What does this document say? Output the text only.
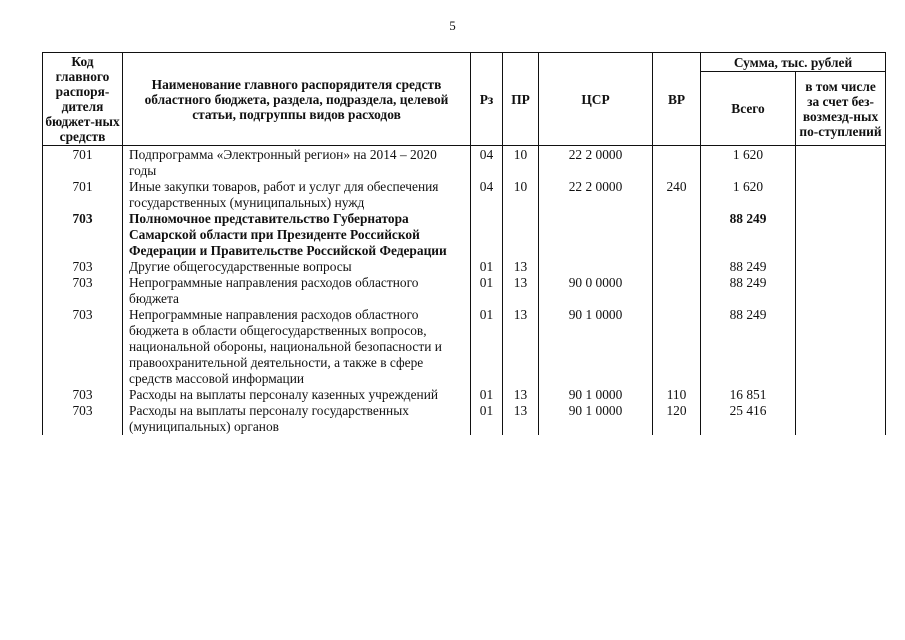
5
Код главного распоря-дителя бюджет-ных средств	Наименование главного распорядителя средств областного бюджета, раздела, подраздела, целевой статьи, подгруппы видов расходов	Рз	ПР	ЦСР	ВР	Сумма, тыс. рублей	
						Всего	в том числе за счет без-возмезд-ных по-ступлений
701	Подпрограмма «Электронный регион» на 2014 – 2020 годы	04	10	22 2 0000		1 620	
701	Иные закупки товаров, работ и услуг для обеспечения государственных (муниципальных) нужд	04	10	22 2 0000	240	1 620	
703	Полномочное представительство Губернатора Самарской области при Президенте Российской Федерации и Правительстве Российской Федерации					88 249	
703	Другие общегосударственные вопросы	01	13			88 249	
703	Непрограммные направления расходов областного бюджета	01	13	90 0 0000		88 249	
703	Непрограммные направления расходов областного бюджета в области общегосударственных вопросов, национальной обороны, национальной безопасности и правоохранительной деятельности, а также в сфере средств массовой информации	01	13	90 1 0000		88 249	
703	Расходы на выплаты персоналу казенных учреждений	01	13	90 1 0000	110	16 851	
703	Расходы на выплаты персоналу государственных (муниципальных) органов	01	13	90 1 0000	120	25 416	
